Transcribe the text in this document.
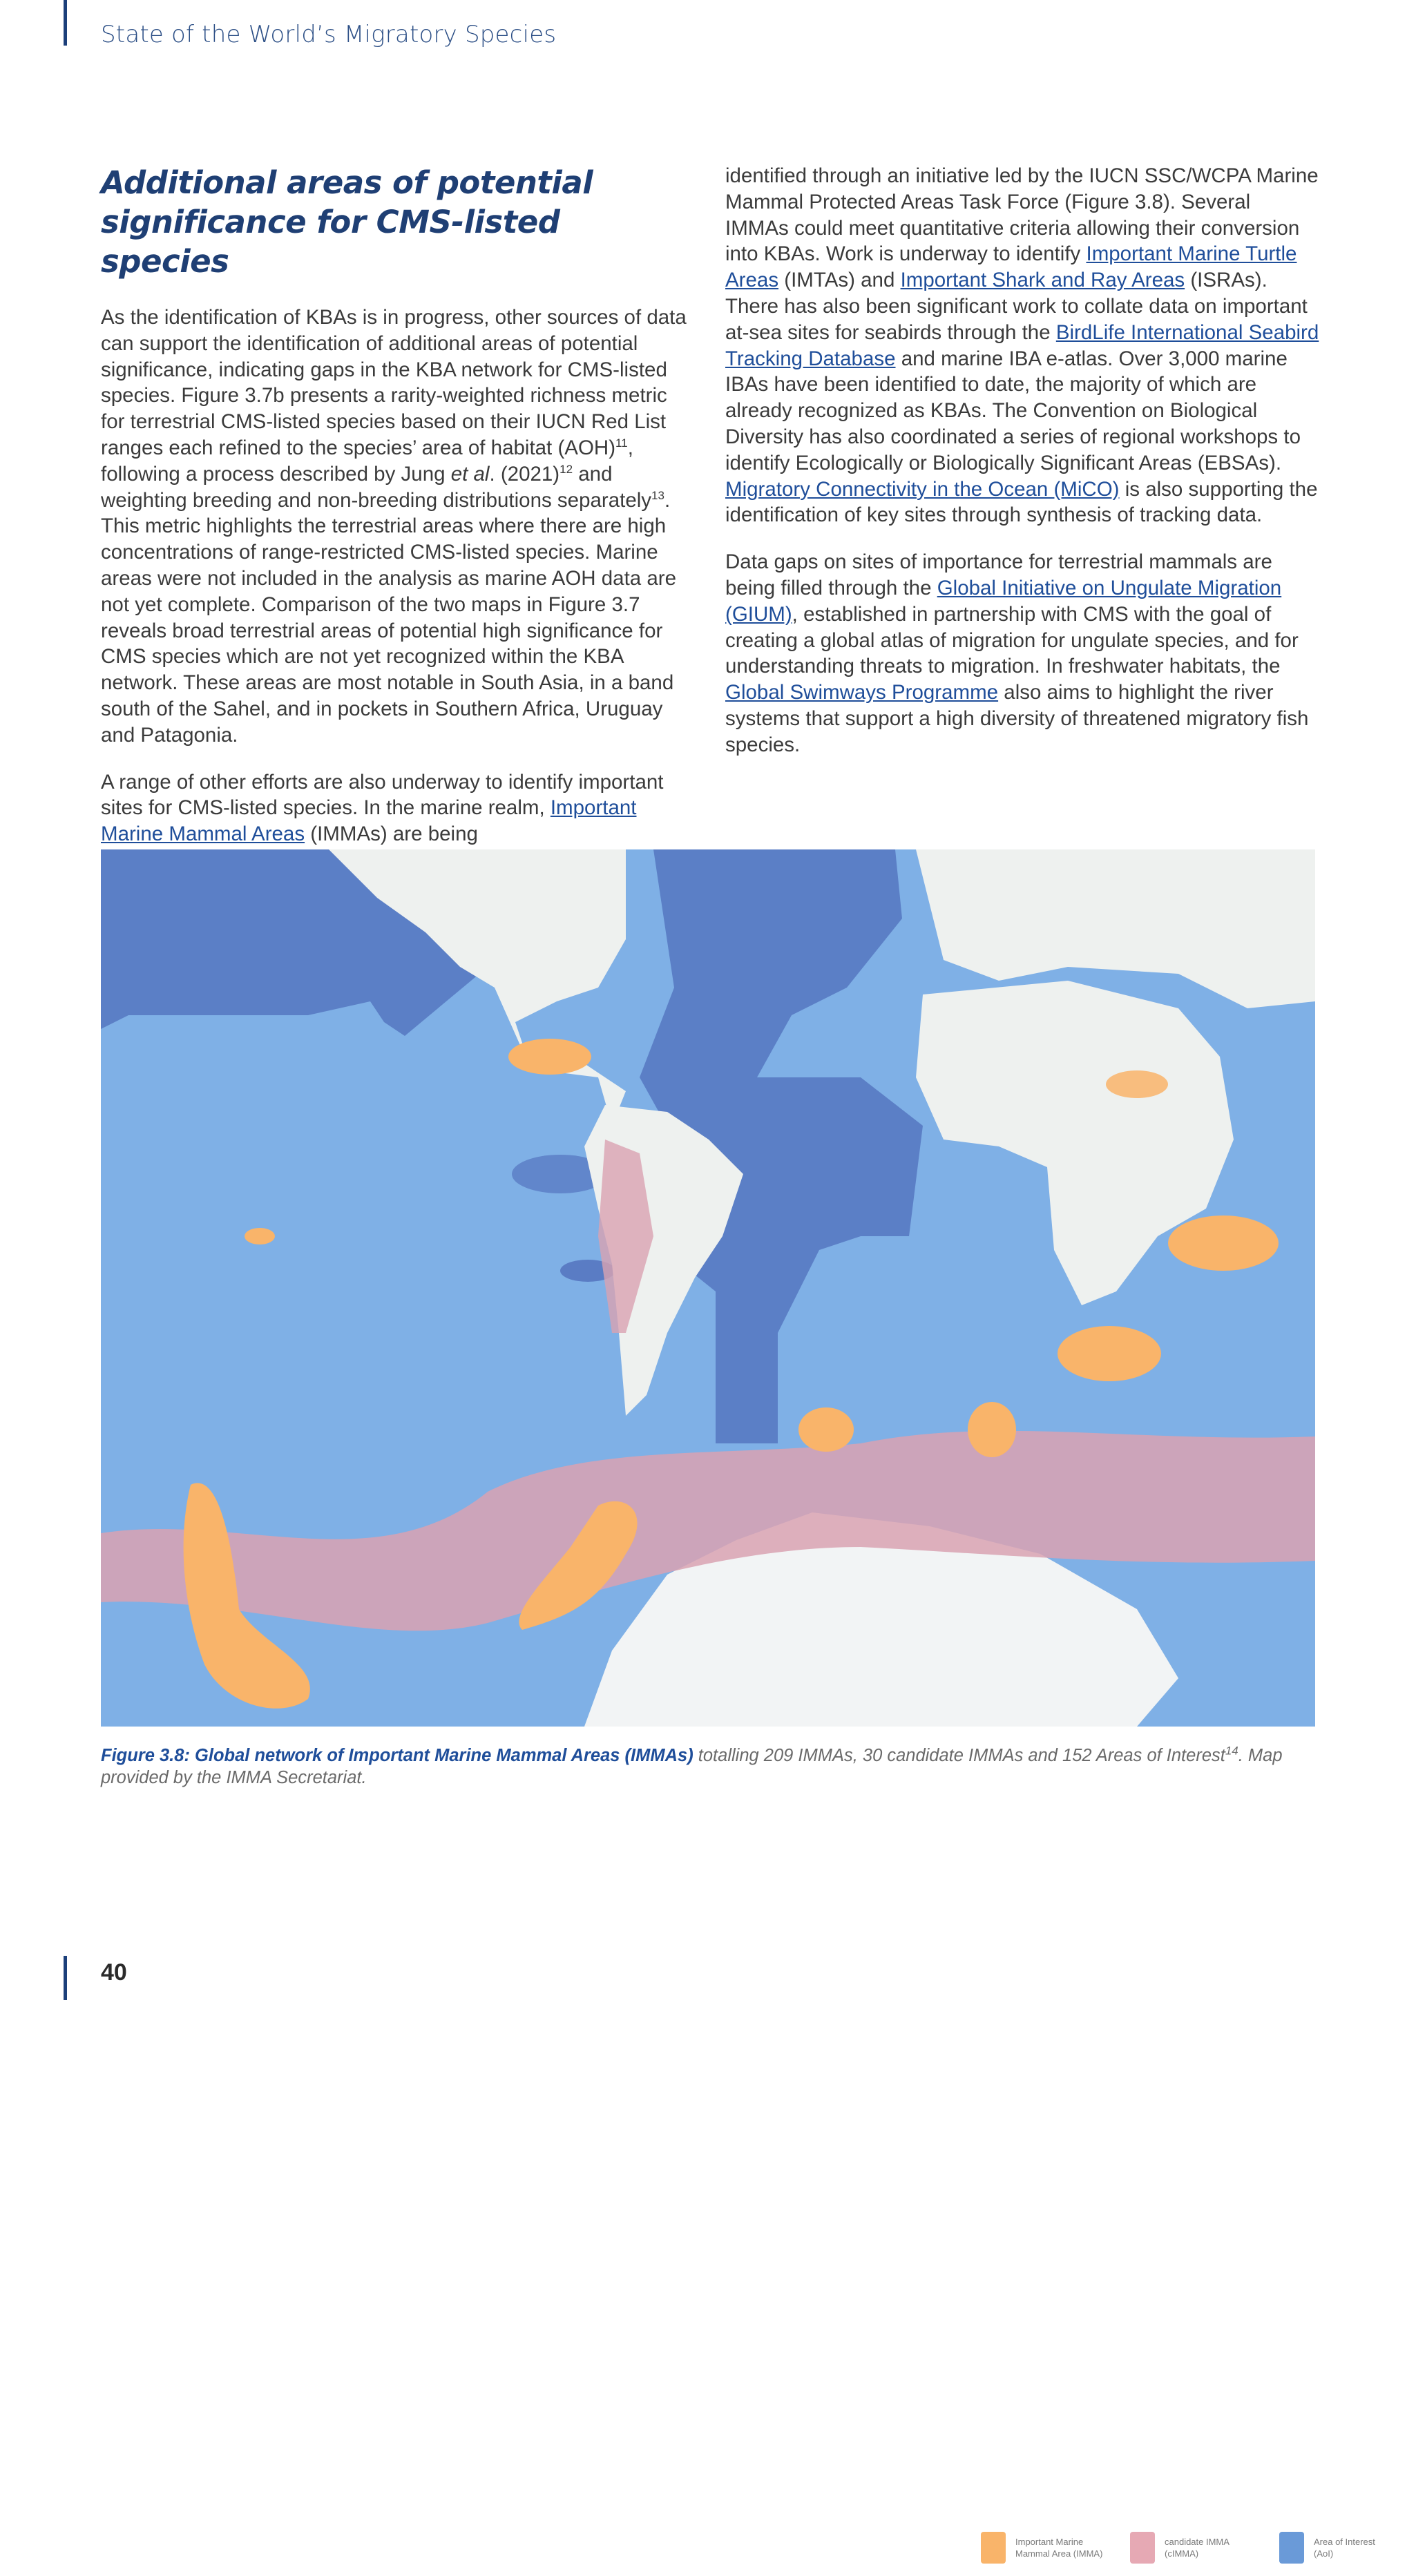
State of the World’s Migratory Species
Additional areas of potential significance for CMS-listed species

As the identification of KBAs is in progress, other sources of data can support the identification of additional areas of potential significance, indicating gaps in the KBA network for CMS-listed species. Figure 3.7b presents a rarity-weighted richness metric for terrestrial CMS-listed species based on their IUCN Red List ranges each refined to the species’ area of habitat (AOH)$^{11}$, following a process described by Jung et al. $(2021)^{12}$ and weighting breeding and non-breeding distributions separately$^{13}$. This metric highlights the terrestrial areas where there are high concentrations of range-restricted CMS-listed species. Marine areas were not included in the analysis as marine AOH data are not yet complete. Comparison of the two maps in Figure 3.7 reveals broad terrestrial areas of potential high significance for CMS species which are not yet recognized within the KBA network. These areas are most notable in South Asia, in a band south of the Sahel, and in pockets in Southern Africa, Uruguay and Patagonia.

A range of other efforts are also underway to identify important sites for CMS-listed species. In the marine realm, Important Marine Mammal Areas (IMMAs) are being

identified through an initiative led by the IUCN SSC/WCPA Marine Mammal Protected Areas Task Force (Figure 3.8). Several IMMAs could meet quantitative criteria allowing their conversion into KBAs. Work is underway to identify Important Marine Turtle Areas (IMTAs) and Important Shark and Ray Areas (ISRAs). There has also been significant work to collate data on important at-sea sites for seabirds through the BirdLife International Seabird Tracking Database and marine IBA e-atlas. Over 3,000 marine IBAs have been identified to date, the majority of which are already recognized as KBAs. The Convention on Biological Diversity has also coordinated a series of regional workshops to identify Ecologically or Biologically Significant Areas (EBSAs). Migratory Connectivity in the Ocean (MiCO) is also supporting the identification of key sites through synthesis of tracking data.

Data gaps on sites of importance for terrestrial mammals are being filled through the Global Initiative on Ungulate Migration (GIUM), established in partnership with CMS with the goal of creating a global atlas of migration for ungulate species, and for understanding threats to migration. In freshwater habitats, the Global Swimways Programme also aims to highlight the river systems that support a high diversity of threatened migratory fish species.

Important Marine
Mammal Area (IMMA)
candidate IMMA
(cIMMA)
Area of Interest
(AoI)
Figure 3.8: Global network of Important Marine Mammal Areas (IMMAs) totalling 209 IMMAs, 30 candidate IMMAs and 152 Areas of Interest$^{14}$. Map provided by the IMMA Secretariat.
40
